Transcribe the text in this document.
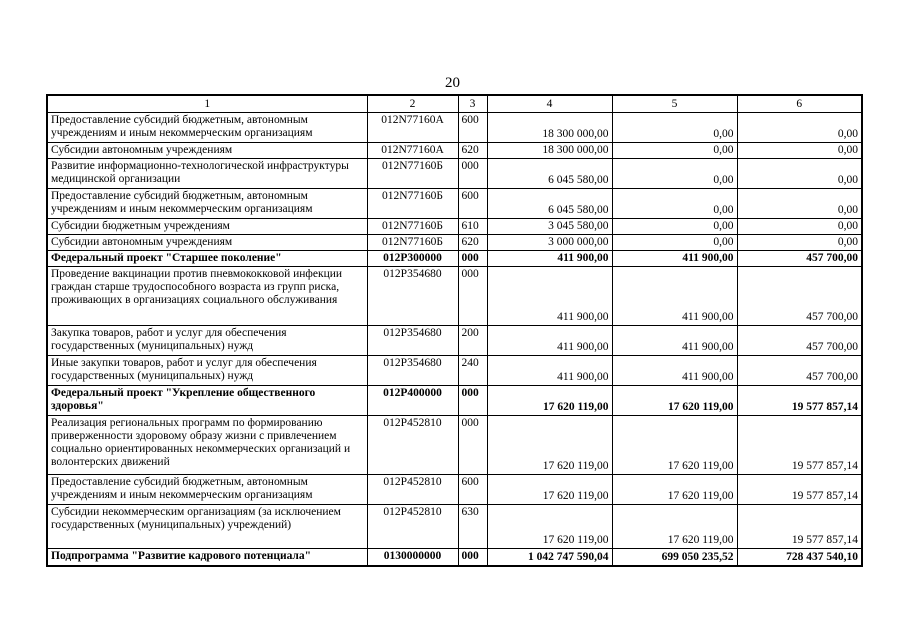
20
1	2	3	4	5	6
Предоставление субсидий бюджетным, автономным учреждениям и иным некоммерческим организациям	012N77160А	600	18 300 000,00	0,00	0,00
Субсидии автономным учреждениям	012N77160А	620	18 300 000,00	0,00	0,00
Развитие информационно-технологической инфраструктуры медицинской организации	012N77160Б	000	6 045 580,00	0,00	0,00
Предоставление субсидий бюджетным, автономным учреждениям и иным некоммерческим организациям	012N77160Б	600	6 045 580,00	0,00	0,00
Субсидии бюджетным учреждениям	012N77160Б	610	3 045 580,00	0,00	0,00
Субсидии автономным учреждениям	012N77160Б	620	3 000 000,00	0,00	0,00
Федеральный проект "Старшее поколение"	012P300000	000	411 900,00	411 900,00	457 700,00
Проведение вакцинации против пневмококковой инфекции граждан старше трудоспособного возраста из групп риска, проживающих в организациях социального обслуживания	012P354680	000	411 900,00	411 900,00	457 700,00
Закупка товаров, работ и услуг для обеспечения государственных (муниципальных) нужд	012P354680	200	411 900,00	411 900,00	457 700,00
Иные закупки товаров, работ и услуг для обеспечения государственных (муниципальных) нужд	012P354680	240	411 900,00	411 900,00	457 700,00
Федеральный проект "Укрепление общественного здоровья"	012P400000	000	17 620 119,00	17 620 119,00	19 577 857,14
Реализация региональных программ по формированию приверженности здоровому образу жизни с привлечением социально ориентированных некоммерческих организаций и волонтерских движений	012P452810	000	17 620 119,00	17 620 119,00	19 577 857,14
Предоставление субсидий бюджетным, автономным учреждениям и иным некоммерческим организациям	012P452810	600	17 620 119,00	17 620 119,00	19 577 857,14
Субсидии некоммерческим организациям (за исключением государственных (муниципальных) учреждений)	012P452810	630	17 620 119,00	17 620 119,00	19 577 857,14
Подпрограмма "Развитие кадрового потенциала"	0130000000	000	1 042 747 590,04	699 050 235,52	728 437 540,10
